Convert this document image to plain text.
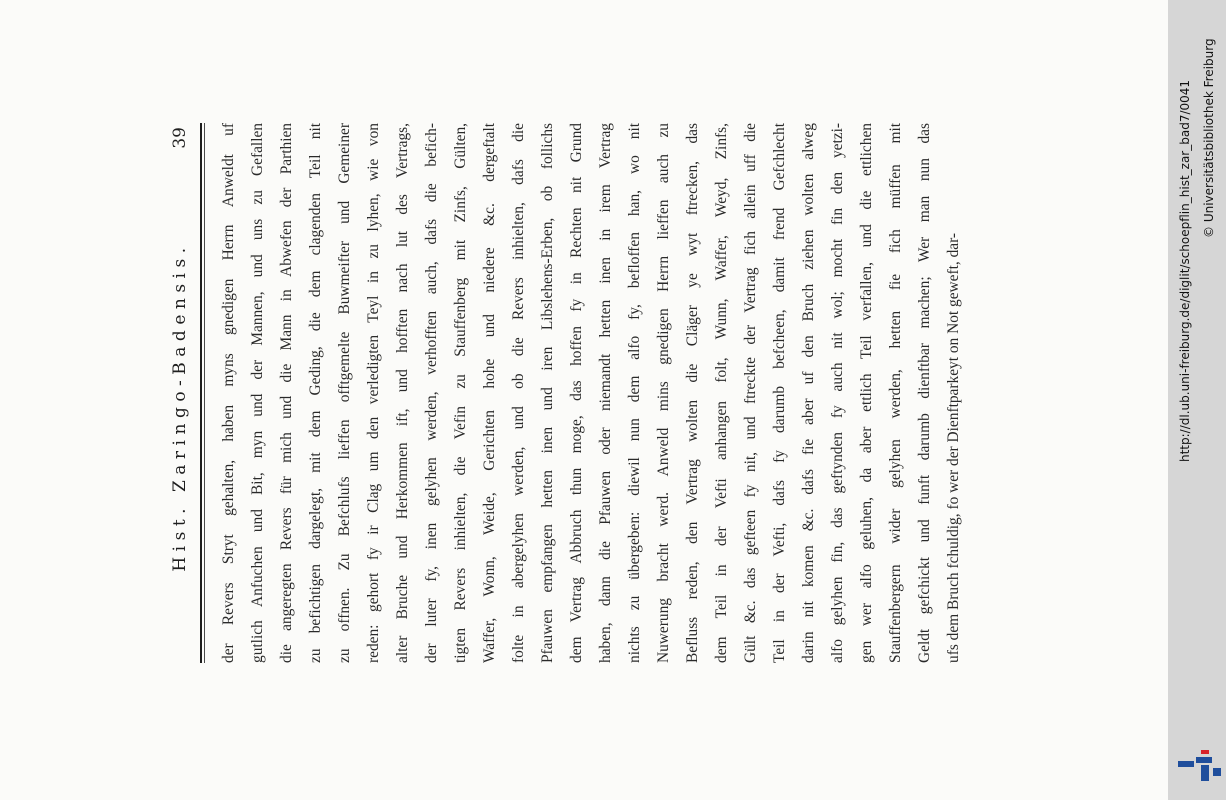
Hist. Zaringo-Badensis.
39	der Revers Stryt gehalten, haben myns gnedigen Herrn Anweldt uf gutlich Anfuchen und Bit, myn und der Mannen, und uns zu Gefallen die angeregten Revers für mich und die Mann in Abwefen der Parthien zu befichtigen dargelegt, mit dem Geding, die dem clagenden Teil nit zu offnen. Zu Befchlufs lieffen offtgemelte Buwmeifter und Gemeiner reden: gehort fy ir Clag um den verledigten Teyl in zu lyhen, wie von alter Bruche und Herkommen ift, und hofften nach lut des Vertrags, der luter fy, inen gelyhen werden, verhofften auch, dafs die befich- tigten Revers inhielten, die Vefin zu Stauffenberg mit Zinfs, Gülten, Waffer, Wonn, Weide, Gerichten hohe und niedere &c. dergeftalt folte in abergelyhen werden, und ob die Revers inhielten, dafs die Pfauwen empfangen hetten inen und iren Libslehens-Erben, ob follichs dem Vertrag Abbruch thun moge, das hoffen fy in Rechten nit Grund haben, dann die Pfauwen oder niemandt hetten inen in irem Vertrag nichts zu übergeben: diewil nun dem alfo fy, befloffen han, wo nit Nuwerung bracht werd. Anweld mins gnedigen Herrn lieffen auch zu Befluss reden, den Vertrag wolten die Cläger ye wyt ftrecken, das dem Teil in der Vefti anhangen folt, Wunn, Waffer, Weyd, Zinfs, Gült &c. das gefteen fy nit, und ftreckte der Vertrag fich allein uff die Teil in der Vefti, dafs fy darumb befcheen, damit frend Gefchlecht darin nit komen &c. dafs fie aber uf den Bruch ziehen wolten alweg alfo gelyhen fin, das geftynden fy auch nit wol; mocht fin den yetzi- gen wer alfo geluhen, da aber ettlich Teil verfallen, und die ettlichen Stauffenbergern wider gelyhen werden, hetten fie fich müffen mit Geldt gefchickt und funft darumb dienftbar machen; Wer man nun das ufs dem Bruch fchuldig, fo wer der Dienftparkeyt on Not geweft, dar-	http://dl.ub.uni-freiburg.de/diglit/schoepflin_hist_zar_bad7/0041 © Universitätsbibliothek Freiburg
